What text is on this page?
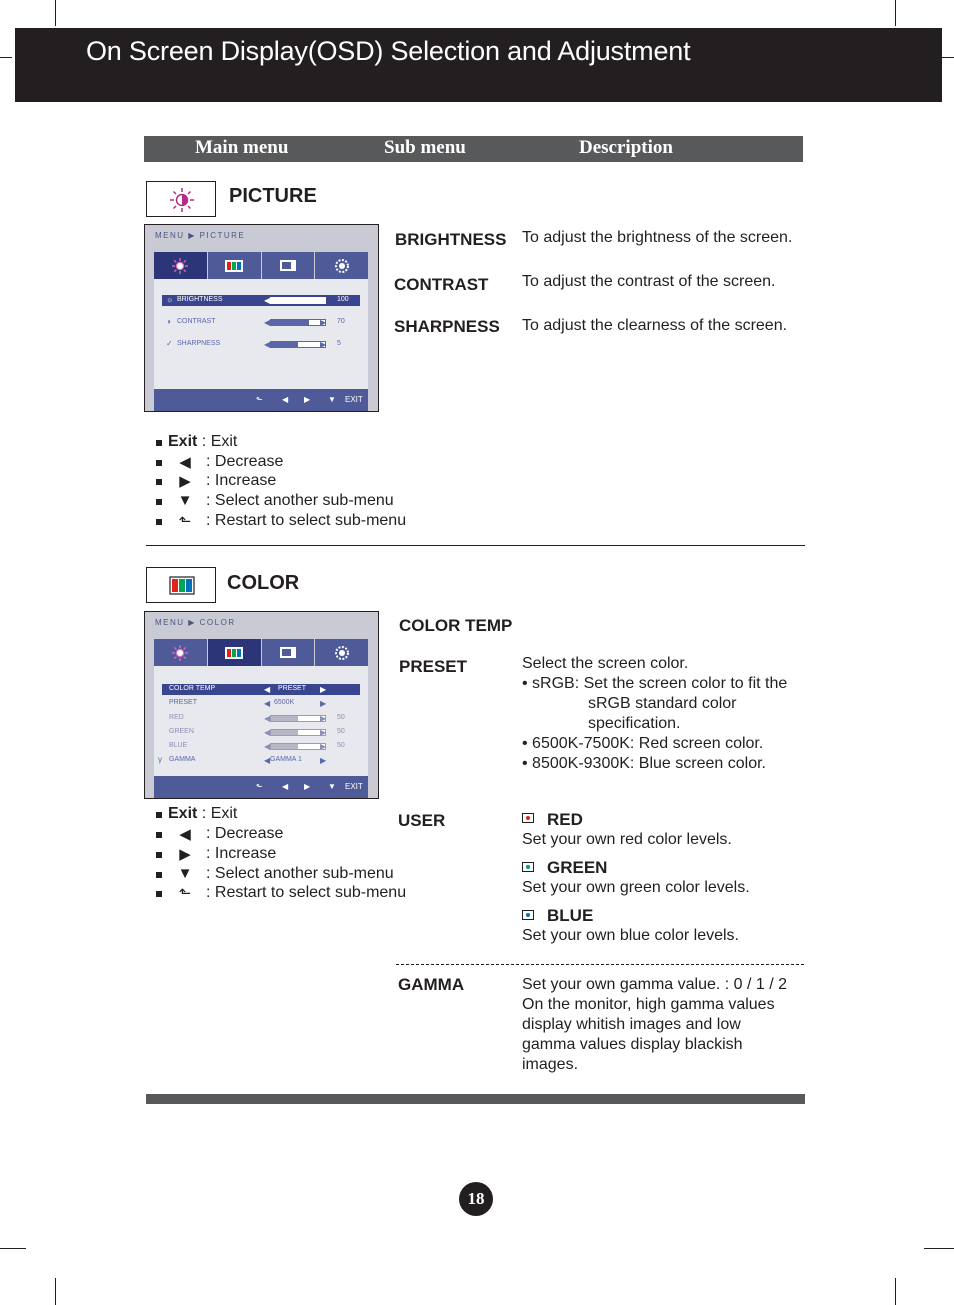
On Screen Display(OSD) Selection and Adjustment
Main menu	Sub menu	Description
PICTURE
MENU ▶ PICTURE
☼ BRIGHTNESS	◀	▶ 100
◑ CONTRAST	◀	▶ 70
✓ SHARPNESS	◀	▶ 5
⬑ ◀ ▶ ▼ EXIT
BRIGHTNESS To adjust the brightness of the screen.
CONTRAST To adjust the contrast of the screen.
SHARPNESS To adjust the clearness of the screen.
Exit : Exit
◀ : Decrease
▶ : Increase
▼ : Select another sub-menu
⬑ : Restart to select sub-menu
COLOR
MENU ▶ COLOR
COLOR TEMP	◀ PRESET ▶
PRESET	◀ 6500K	▶
RED	◀	▶ 50
GREEN	◀	▶ 50
BLUE	◀	▶ 50
γ GAMMA	◀ GAMMA 1 ▶
⬑ ◀ ▶ ▼ EXIT
Exit : Exit
◀ : Decrease
▶ : Increase
▼ : Select another sub-menu
⬑ : Restart to select sub-menu
COLOR TEMP
PRESET	Select the screen color.
• sRGB: Set the screen color to fit the
sRGB standard color
specification.
• 6500K-7500K: Red screen color.
• 8500K-9300K: Blue screen color.
USER	RED
Set your own red color levels.
GREEN
Set your own green color levels.
BLUE
Set your own blue color levels.
GAMMA	Set your own gamma value. : 0 / 1 / 2
On the monitor, high gamma values
display whitish images and low
gamma values display blackish
images.
18
